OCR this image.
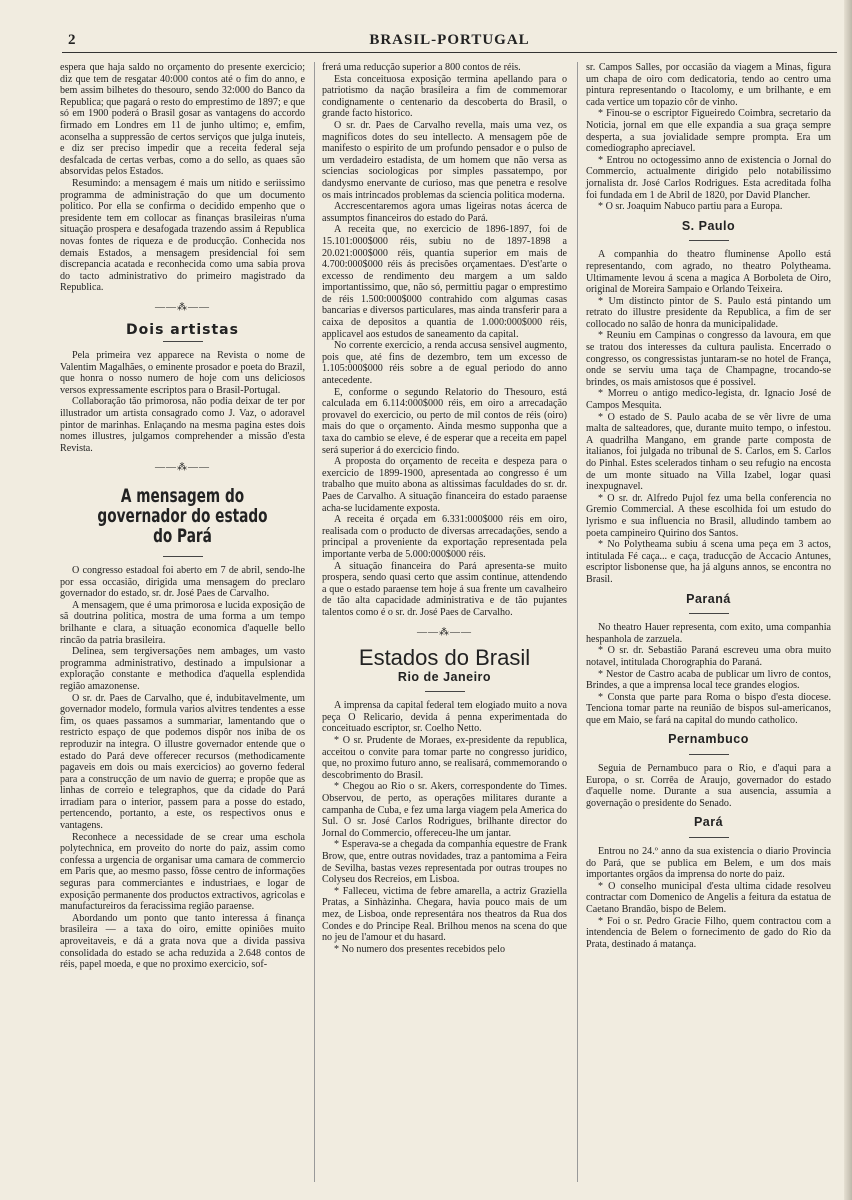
2	BRASIL-PORTUGAL

espera que haja saldo no orçamento do presente exercicio; diz que tem de resgatar 40:000 contos até o fim do anno, e bem assim bilhetes do thesouro, sendo 32:000 do Banco da Republica; que pagará o resto do emprestimo de 1897; e que só em 1900 poderá o Brasil gosar as vantagens do accordo firmado em Londres em 11 de junho ultimo; e, emfim, aconselha a suppressão de certos serviços que julga inuteis, e diz ser preciso impedir que a receita federal seja desfalcada de certas verbas, como a do sello, as quaes são absorvidas pelos Estados.

Resumindo: a mensagem é mais um nitido e seriissimo programma de administração do que um documento politico. Por ella se confirma o decidido empenho que o presidente tem em collocar as finanças brasileiras n'uma situação prospera e desafogada trazendo assim á Republica novas fontes de riqueza e de producção. Conhecida nos demais Estados, a mensagem presidencial foi sem discrepancia acatada e reconhecida como uma sabia prova do tacto administrativo do primeiro magistrado da Republica.

——⁂——
Dois artistas

Pela primeira vez apparece na Revista o nome de Valentim Magalhães, o eminente prosador e poeta do Brazil, que honra o nosso numero de hoje com uns deliciosos versos expressamente escriptos para o Brasil-Portugal.

Collaboração tão primorosa, não podia deixar de ter por illustrador um artista consagrado como J. Vaz, o adoravel pintor de marinhas. Enlaçando na mesma pagina estes dois nomes illustres, julgamos comprehender a missão d'esta Revista.

——⁂——
A mensagem do governador do estado do Pará

O congresso estadoal foi aberto em 7 de abril, sendo-lhe por essa occasião, dirigida uma mensagem do preclaro governador do estado, sr. dr. José Paes de Carvalho.

A mensagem, que é uma primorosa e lucida exposição de sã doutrina politica, mostra de uma forma a um tempo brilhante e clara, a situação economica d'aquelle bello rincão da patria brasileira.

Delinea, sem tergiversações nem ambages, um vasto programma administrativo, destinado a impulsionar a exploração constante e methodica d'aquella esplendida região amazonense.

O sr. dr. Paes de Carvalho, que é, indubitavelmente, um governador modelo, formula varios alvitres tendentes a esse fim, os quaes passamos a summariar, lamentando que o restricto espaço de que podemos dispôr nos iniba de os reproduzir na integra. O illustre governador entende que o estado do Pará deve offerecer recursos (methodicamente pagaveis em dois ou mais exercicios) ao governo federal para a construcção de um navio de guerra; e propõe que as linhas de correio e telegraphos, que da cidade do Pará irradiam para o interior, passem para a posse do estado, pertencendo, portanto, a este, os respectivos onus e vantagens.

Reconhece a necessidade de se crear uma eschola polytechnica, em proveito do norte do paiz, assim como confessa a urgencia de organisar uma camara de commercio em Paris que, ao mesmo passo, fôsse centro de informações seguras para commerciantes e industriaes, e logar de exposição permanente dos productos extractivos, agricolas e manufactureiros da feracissima região paraense.

Abordando um ponto que tanto interessa á finança brasileira — a taxa do oiro, emitte opiniões muito aproveitaveis, e dá a grata nova que a divida passiva consolidada do estado se acha reduzida a 2.648 contos de réis, papel moeda, e que no proximo exercicio, sof-

frerá uma reducção superior a 800 contos de réis.

Esta conceituosa exposição termina apellando para o patriotismo da nação brasileira a fim de commemorar condignamente o centenario da descoberta do Brasil, o grande facto historico.

O sr. dr. Paes de Carvalho revella, mais uma vez, os magnificos dotes do seu intellecto. A mensagem põe de manifesto o espirito de um profundo pensador e o pulso de um verdadeiro estadista, de um homem que não versa as sciencias sociologicas por simples passatempo, por dandysmo enervante de curioso, mas que penetra e resolve os mais intrincados problemas da sciencia politica moderna.

Accrescentaremos agora umas ligeiras notas ácerca de assumptos financeiros do estado do Pará.

A receita que, no exercicio de 1896-1897, foi de 15.101:000$000 réis, subiu no de 1897-1898 a 20.021:000$000 réis, quantia superior em mais de 4.700:000$000 réis ás precisões orçamentaes. D'est'arte o excesso de rendimento deu margem a um saldo importantissimo, que, não só, permittiu pagar o emprestimo de réis 1.500:000$000 contrahido com algumas casas bancarias e diversos particulares, mas ainda transferir para a caixa de depositos a quantia de 1.000:000$000 réis, applicavel aos estudos de saneamento da capital.

No corrente exercicio, a renda accusa sensivel augmento, pois que, até fins de dezembro, tem um excesso de 1.105:000$000 réis sobre a de egual periodo do anno antecedente.

E, conforme o segundo Relatorio do Thesouro, está calculada em 6.114:000$000 réis, em oiro a arrecadação provavel do exercicio, ou perto de mil contos de réis (oiro) mais do que o orçamento. Ainda mesmo supponha que a taxa do cambio se eleve, é de esperar que a receita em papel será superior á do exercicio findo.

A proposta do orçamento de receita e despeza para o exercicio de 1899-1900, apresentada ao congresso é um trabalho que muito abona as altissimas faculdades do sr. dr. Paes de Carvalho. A situação financeira do estado paraense acha-se lucidamente exposta.

A receita é orçada em 6.331:000$000 réis em oiro, realisada com o producto de diversas arrecadações, sendo a principal a proveniente da exportação representada pela importante verba de 5.000:000$000 réis.

A situação financeira do Pará apresenta-se muito prospera, sendo quasi certo que assim continue, attendendo a que o estado paraense tem hoje á sua frente um cavalheiro de tão alta capacidade administrativa e de tão pujantes talentos como é o sr. dr. José Paes de Carvalho.

——⁂——
Estados do Brasil
Rio de Janeiro

A imprensa da capital federal tem elogiado muito a nova peça O Relicario, devida á penna experimentada do conceituado escriptor, sr. Coelho Netto.

* O sr. Prudente de Moraes, ex-presidente da republica, acceitou o convite para tomar parte no congresso juridico, que, no proximo futuro anno, se realisará, commemorando o descobrimento do Brasil.

* Chegou ao Rio o sr. Akers, correspondente do Times. Observou, de perto, as operações militares durante a campanha de Cuba, e fez uma larga viagem pela America do Sul. O sr. José Carlos Rodrigues, brilhante director do Jornal do Commercio, offereceu-lhe um jantar.

* Esperava-se a chegada da companhia equestre de Frank Brow, que, entre outras novidades, traz a pantomima a Feira de Sevilha, bastas vezes representada por outras troupes no Colyseu dos Recreios, em Lisboa.

* Falleceu, victima de febre amarella, a actriz Graziella Pratas, a Sinhàzinha. Chegara, havia pouco mais de um mez, de Lisboa, onde representára nos theatros da Rua dos Condes e do Principe Real. Brilhou menos na scena do que no jeu de l'amour et du hasard.

* No numero dos presentes recebidos pelo

sr. Campos Salles, por occasião da viagem a Minas, figura um chapa de oiro com dedicatoria, tendo ao centro uma pintura representando o Itacolomy, e um brilhante, e em cada vertice um topazio côr de vinho.

* Finou-se o escriptor Figueiredo Coimbra, secretario da Noticia, jornal em que elle expandia a sua graça sempre desperta, a sua jovialidade sempre prompta. Era um comediographo apreciavel.

* Entrou no octogessimo anno de existencia o Jornal do Commercio, actualmente dirigido pelo notabilissimo jornalista dr. José Carlos Rodrigues. Esta acreditada folha foi fundada em 1 de Abril de 1820, por David Plancher.

* O sr. Joaquim Nabuco partiu para a Europa.

S. Paulo

A companhia do theatro fluminense Apollo está representando, com agrado, no theatro Polytheama. Ultimamente levou á scena a magica A Borboleta de Oiro, original de Moreira Sampaio e Orlando Teixeira.

* Um distincto pintor de S. Paulo está pintando um retrato do illustre presidente da Republica, a fim de ser collocado no salão de honra da municipalidade.

* Reuniu em Campinas o congresso da lavoura, em que se tratou dos interesses da cultura paulista. Encerrado o congresso, os congressistas juntaram-se no hotel de França, onde se serviu uma taça de Champagne, trocando-se brindes, os mais amistosos que é possivel.

* Morreu o antigo medico-legista, dr. Ignacio José de Campos Mesquita.

* O estado de S. Paulo acaba de se vêr livre de uma malta de salteadores, que, durante muito tempo, o infestou. A quadrilha Mangano, em grande parte composta de italianos, foi julgada no tribunal de S. Carlos, em S. Carlos do Pinhal. Estes scelerados tinham o seu refugio na encosta de um monte situado na Villa Izabel, logar quasi inexpugnavel.

* O sr. dr. Alfredo Pujol fez uma bella conferencia no Gremio Commercial. A these escolhida foi um estudo do lyrismo e sua influencia no Brasil, alludindo tambem ao poeta campineiro Quirino dos Santos.

* No Polytheama subiu á scena uma peça em 3 actos, intitulada Fé caça... e caça, traducção de Accacio Antunes, escriptor lisbonense que, ha já alguns annos, se encontra no Brasil.

Paraná

No theatro Hauer representa, com exito, uma companhia hespanhola de zarzuela.

* O sr. dr. Sebastião Paraná escreveu uma obra muito notavel, intitulada Chorographia do Paraná.

* Nestor de Castro acaba de publicar um livro de contos, Brindes, a que a imprensa local tece grandes elogios.

* Consta que parte para Roma o bispo d'esta diocese. Tenciona tomar parte na reunião de bispos sul-americanos, que em Maio, se fará na capital do mundo catholico.

Pernambuco

Seguia de Pernambuco para o Rio, e d'aqui para a Europa, o sr. Corrêa de Araujo, governador do estado d'aquelle nome. Durante a sua ausencia, assumia a governação o presidente do Senado.

Pará

Entrou no 24.º anno da sua existencia o diario Provincia do Pará, que se publica em Belem, e um dos mais importantes orgãos da imprensa do norte do paiz.

* O conselho municipal d'esta ultima cidade resolveu contractar com Domenico de Angelis a feitura da estatua de Caetano Brandão, bispo de Belem.

* Foi o sr. Pedro Gracie Filho, quem contractou com a intendencia de Belem o fornecimento de gado do Rio da Prata, destinado á matança.
